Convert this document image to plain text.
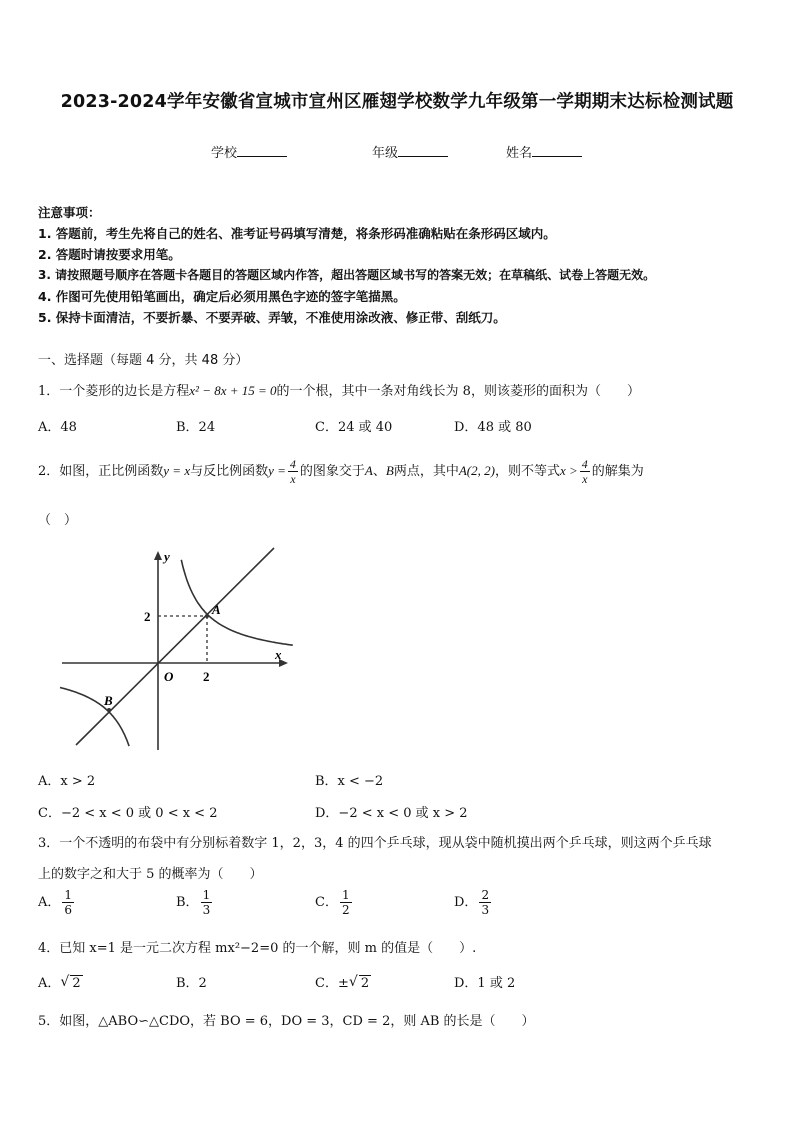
2023-2024学年安徽省宣城市宣州区雁翅学校数学九年级第一学期期末达标检测试题
学校	年级	姓名
注意事项：
1. 答题前，考生先将自己的姓名、准考证号码填写清楚，将条形码准确粘贴在条形码区域内。
2. 答题时请按要求用笔。
3. 请按照题号顺序在答题卡各题目的答题区域内作答，超出答题区域书写的答案无效；在草稿纸、试卷上答题无效。
4. 作图可先使用铅笔画出，确定后必须用黑色字迹的签字笔描黑。
5. 保持卡面清洁，不要折暴、不要弄破、弄皱，不准使用涂改液、修正带、刮纸刀。
一、选择题（每题 4 分，共 48 分）
1．一个菱形的边长是方程x² − 8x + 15 = 0的一个根，其中一条对角线长为 8，则该菱形的面积为（　　）
A．48	B．24	C．24 或 40	D．48 或 80
2．如图，正比例函数y = x与反比例函数$y = \frac{4}{x}$ 的图象交于A、B两点，其中A(2, 2)，则不等式$x > \frac{4}{x}$ 的解集为
（　）
y
x
O 2
2	A
B
A．x > 2	B．x < −2
C．−2 < x < 0 或 0 < x < 2	D．−2 < x < 0 或 x > 2
3．一个不透明的布袋中有分别标着数字 1，2，3，4 的四个乒乓球，现从袋中随机摸出两个乒乓球，则这两个乒乓球
上的数字之和大于 5 的概率为（　　）
A． $\frac{1}{6}$	B． $\frac{1}{3}$	C． $\frac{1}{2}$	D． $\frac{2}{3}$
4．已知 x=1 是一元二次方程 mx²−2=0 的一个解，则 m 的值是（　　）.
A． √ 2	B．2	C．± √ 2	D．1 或 2
5．如图，△ABO∽△CDO，若 BO = 6，DO = 3，CD = 2，则 AB 的长是（　　）
